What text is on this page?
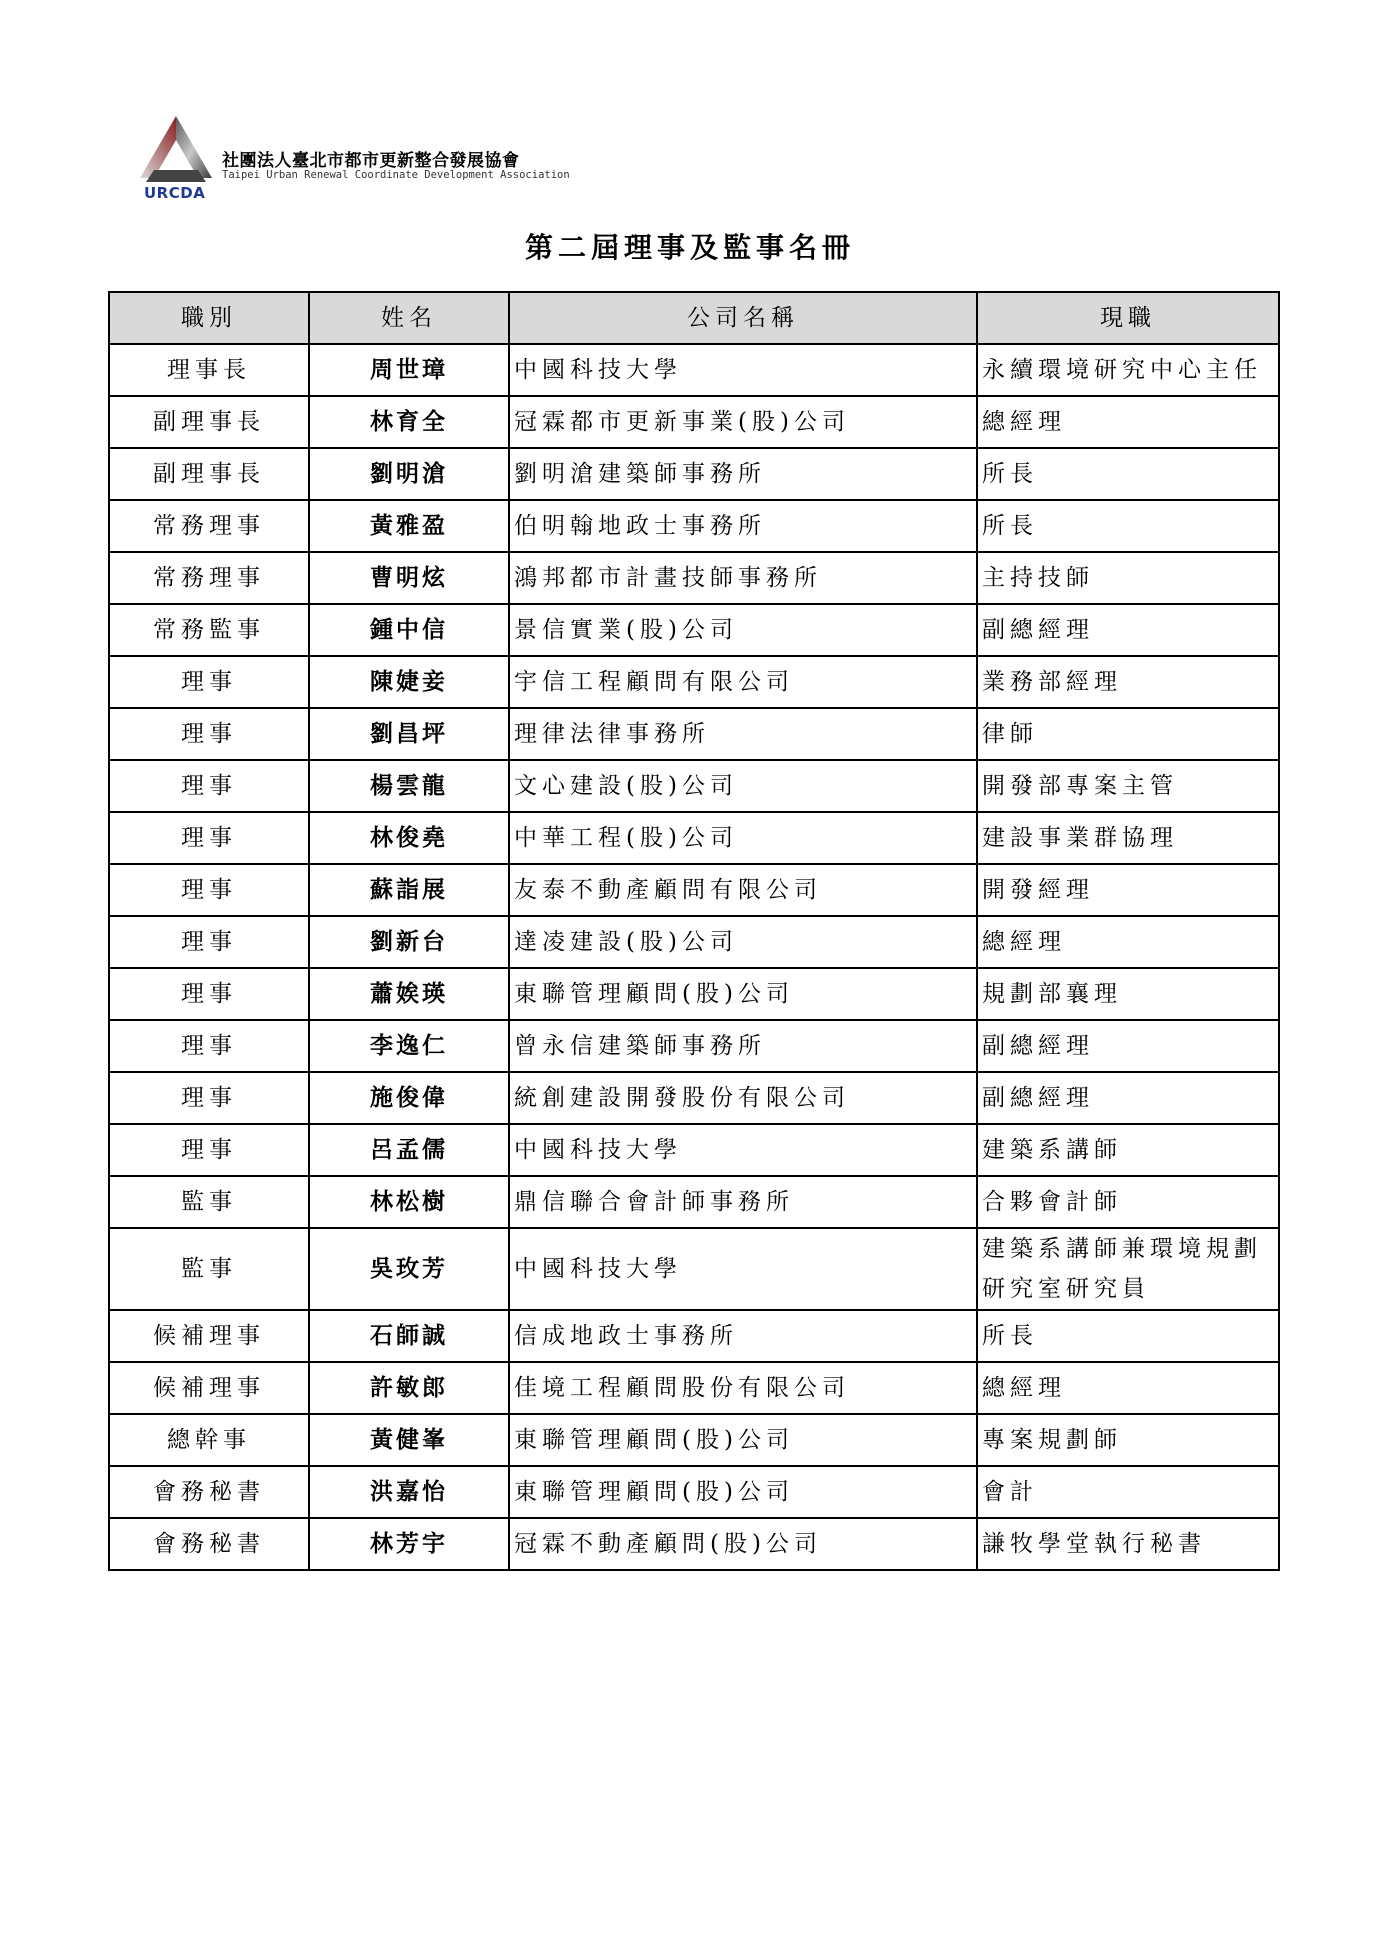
URCDA
社團法人臺北市都市更新整合發展協會
Taipei Urban Renewal Coordinate Development Association
第二屆理事及監事名冊
職別	姓名	公司名稱	現職
理事長	周世璋	中國科技大學	永續環境研究中心主任
副理事長	林育全	冠霖都市更新事業(股)公司	總經理
副理事長	劉明滄	劉明滄建築師事務所	所長
常務理事	黃雅盈	伯明翰地政士事務所	所長
常務理事	曹明炫	鴻邦都市計畫技師事務所	主持技師
常務監事	鍾中信	景信實業(股)公司	副總經理
理事	陳婕妾	宇信工程顧問有限公司	業務部經理
理事	劉昌坪	理律法律事務所	律師
理事	楊雲龍	文心建設(股)公司	開發部專案主管
理事	林俊堯	中華工程(股)公司	建設事業群協理
理事	蘇詣展	友泰不動產顧問有限公司	開發經理
理事	劉新台	達凌建設(股)公司	總經理
理事	蕭娭瑛	東聯管理顧問(股)公司	規劃部襄理
理事	李逸仁	曾永信建築師事務所	副總經理
理事	施俊偉	統創建設開發股份有限公司	副總經理
理事	呂孟儒	中國科技大學	建築系講師
監事	林松樹	鼎信聯合會計師事務所	合夥會計師
監事	吳玫芳	中國科技大學	建築系講師兼環境規劃研究室研究員
候補理事	石師誠	信成地政士事務所	所長
候補理事	許敏郎	佳境工程顧問股份有限公司	總經理
總幹事	黃健峯	東聯管理顧問(股)公司	專案規劃師
會務秘書	洪嘉怡	東聯管理顧問(股)公司	會計
會務秘書	林芳宇	冠霖不動產顧問(股)公司	謙牧學堂執行秘書
